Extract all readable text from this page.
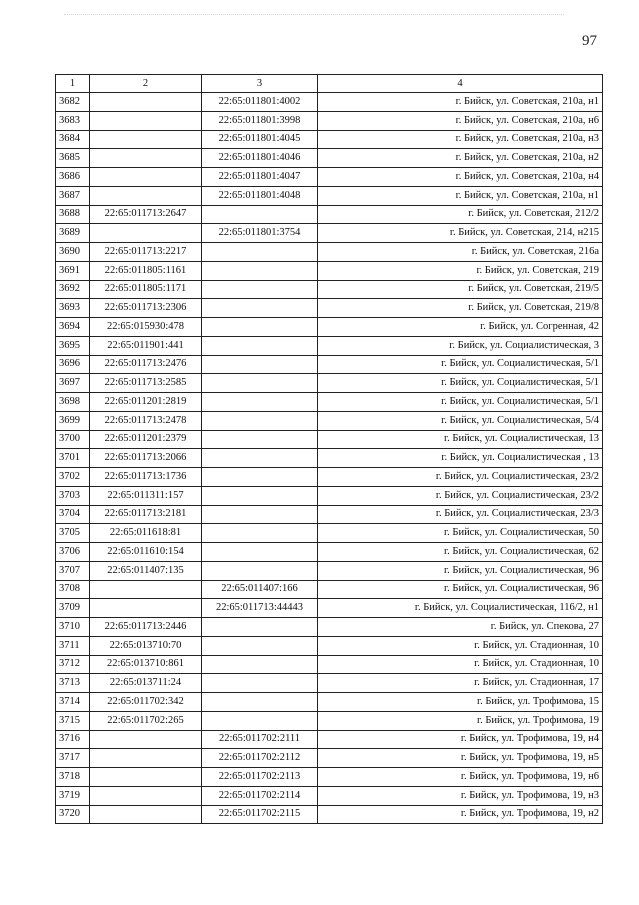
97
1	2	3	4
3682		22:65:011801:4002	г. Бийск, ул. Советская, 210а, н1
3683		22:65:011801:3998	г. Бийск, ул. Советская, 210а, н6
3684		22:65:011801:4045	г. Бийск, ул. Советская, 210а, н3
3685		22:65:011801:4046	г. Бийск, ул. Советская, 210а, н2
3686		22:65:011801:4047	г. Бийск, ул. Советская, 210а, н4
3687		22:65:011801:4048	г. Бийск, ул. Советская, 210а, н1
3688	22:65:011713:2647		г. Бийск, ул. Советская, 212/2
3689		22:65:011801:3754	г. Бийск, ул. Советская, 214, н215
3690	22:65:011713:2217		г. Бийск, ул. Советская, 216а
3691	22:65:011805:1161		г. Бийск, ул. Советская, 219
3692	22:65:011805:1171		г. Бийск, ул. Советская, 219/5
3693	22:65:011713:2306		г. Бийск, ул. Советская, 219/8
3694	22:65:015930:478		г. Бийск, ул. Согренная, 42
3695	22:65:011901:441		г. Бийск, ул. Социалистическая, 3
3696	22:65:011713:2476		г. Бийск, ул. Социалистическая, 5/1
3697	22:65:011713:2585		г. Бийск, ул. Социалистическая, 5/1
3698	22:65:011201:2819		г. Бийск, ул. Социалистическая, 5/1
3699	22:65:011713:2478		г. Бийск, ул. Социалистическая, 5/4
3700	22:65:011201:2379		г. Бийск, ул. Социалистическая, 13
3701	22:65:011713:2066		г. Бийск, ул. Социалистическая , 13
3702	22:65:011713:1736		г. Бийск, ул. Социалистическая, 23/2
3703	22:65:011311:157		г. Бийск, ул. Социалистическая, 23/2
3704	22:65:011713:2181		г. Бийск, ул. Социалистическая, 23/3
3705	22:65:011618:81		г. Бийск, ул. Социалистическая, 50
3706	22:65:011610:154		г. Бийск, ул. Социалистическая, 62
3707	22:65:011407:135		г. Бийск, ул. Социалистическая, 96
3708		22:65:011407:166	г. Бийск, ул. Социалистическая, 96
3709		22:65:011713:44443	г. Бийск, ул. Социалистическая, 116/2, н1
3710	22:65:011713:2446		г. Бийск, ул. Спекова, 27
3711	22:65:013710:70		г. Бийск, ул. Стадионная, 10
3712	22:65:013710:861		г. Бийск, ул. Стадионная, 10
3713	22:65:013711:24		г. Бийск, ул. Стадионная, 17
3714	22:65:011702:342		г. Бийск, ул. Трофимова, 15
3715	22:65:011702:265		г. Бийск, ул. Трофимова, 19
3716		22:65:011702:2111	г. Бийск, ул. Трофимова, 19, н4
3717		22:65:011702:2112	г. Бийск, ул. Трофимова, 19, н5
3718		22:65:011702:2113	г. Бийск, ул. Трофимова, 19, н6
3719		22:65:011702:2114	г. Бийск, ул. Трофимова, 19, н3
3720		22:65:011702:2115	г. Бийск, ул. Трофимова, 19, н2
